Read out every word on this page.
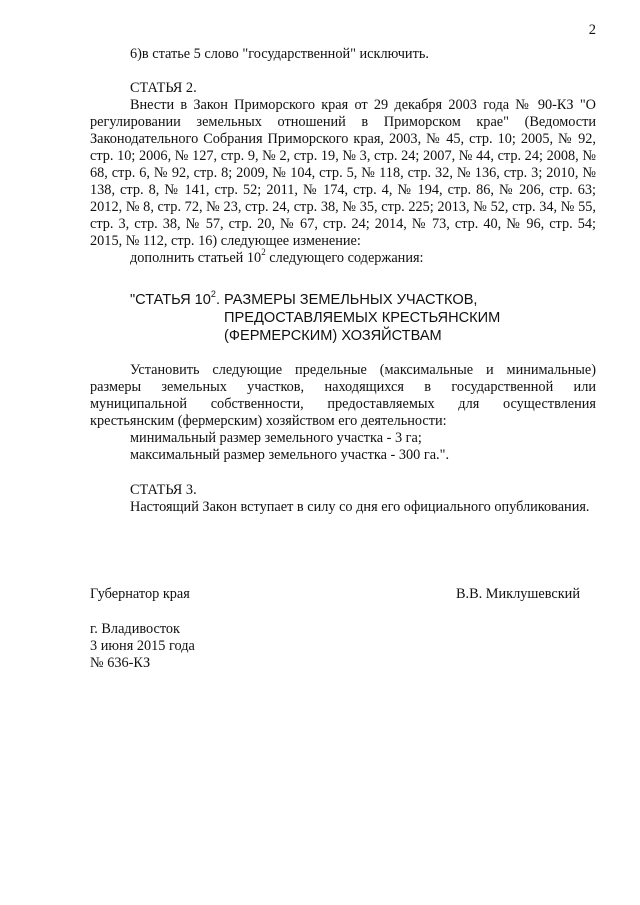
2

6)в статье 5 слово "государственной" исключить.

СТАТЬЯ 2.

Внести в Закон Приморского края от 29 декабря 2003 года № 90-КЗ "О регулировании земельных отношений в Приморском крае" (Ведомости Законодательного Собрания Приморского края, 2003, № 45, стр. 10; 2005, № 92, стр. 10; 2006, № 127, стр. 9, № 2, стр. 19, № 3, стр. 24; 2007, № 44, стр. 24; 2008, № 68, стр. 6, № 92, стр. 8; 2009, № 104, стр. 5, № 118, стр. 32, № 136, стр. 3; 2010, № 138, стр. 8, № 141, стр. 52; 2011, № 174, стр. 4, № 194, стр. 86, № 206, стр. 63; 2012, № 8, стр. 72, № 23, стр. 24, стр. 38, № 35, стр. 225; 2013, № 52, стр. 34, № 55, стр. 3, стр. 38, № 57, стр. 20, № 67, стр. 24; 2014, № 73, стр. 40, № 96, стр. 54; 2015, № 112, стр. 16) следующее изменение:

дополнить статьей $10^2$ следующего содержания:

"СТАТЬЯ $10^2$. РАЗМЕРЫ ЗЕМЕЛЬНЫХ УЧАСТКОВ,
ПРЕДОСТАВЛЯЕМЫХ КРЕСТЬЯНСКИМ
(ФЕРМЕРСКИМ) ХОЗЯЙСТВАМ

Установить следующие предельные (максимальные и минимальные) размеры земельных участков, находящихся в государственной или муниципальной собственности, предоставляемых для осуществления крестьянским (фермерским) хозяйством его деятельности:

минимальный размер земельного участка - 3 га;

максимальный размер земельного участка - 300 га.".

СТАТЬЯ 3.

Настоящий Закон вступает в силу со дня его официального опубликования.

Губернатор края	В.В. Миклушевский
г. Владивосток
3 июня 2015 года
№ 636-КЗ
